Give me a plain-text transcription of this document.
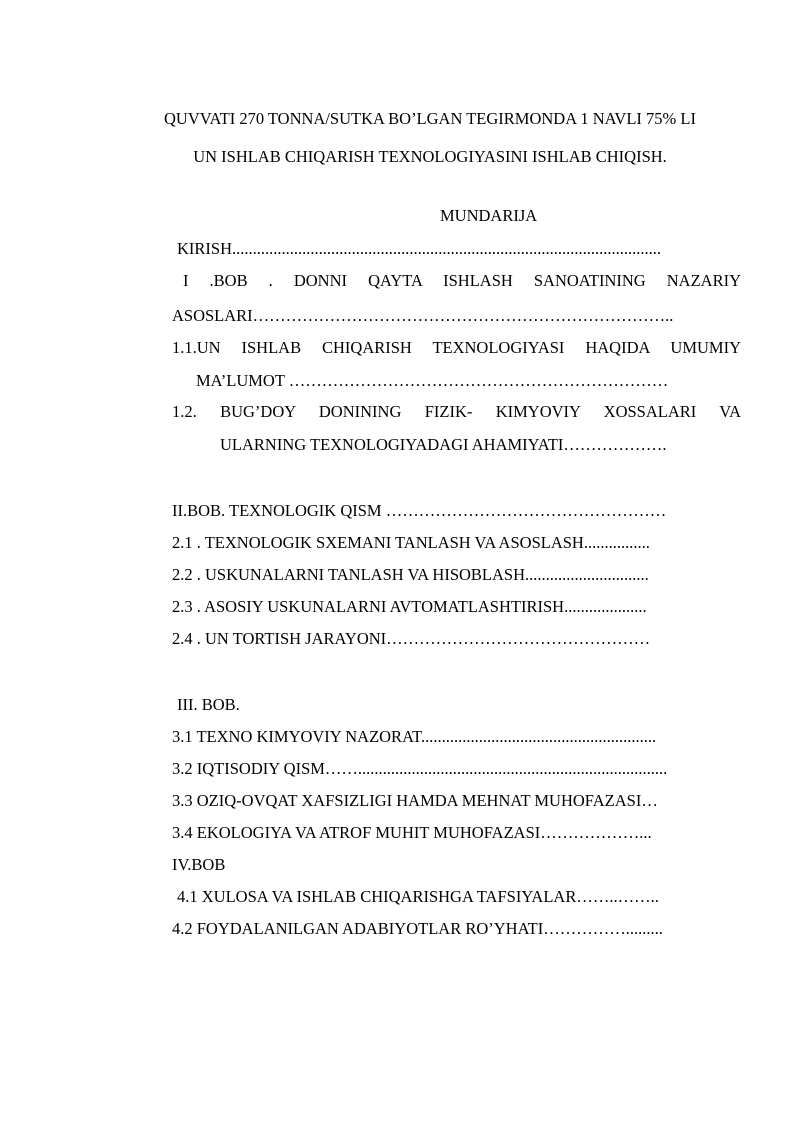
QUVVATI 270 TONNA/SUTKA BO’LGAN TEGIRMONDA 1 NAVLI 75% LI
UN ISHLAB CHIQARISH TEXNOLOGIYASINI ISHLAB CHIQISH.
MUNDARIJA
KIRISH........................................................................................................
I .BOB . DONNI QAYTA ISHLASH SANOATINING NAZARIY
ASOSLARI…………………………………………………………………..
1.1.UN ISHLAB CHIQARISH TEXNOLOGIYASI HAQIDA UMUMIY
MA’LUMOT ……………………………………………………………
1.2. BUG’DOY DONINING FIZIK- KIMYOVIY XOSSALARI VA
ULARNING TEXNOLOGIYADAGI AHAMIYATI……………….
II.BOB. TEXNOLOGIK QISM ……………………………………………
2.1 . TEXNOLOGIK SXEMANI TANLASH VA ASOSLASH................
2.2 . USKUNALARNI TANLASH VA HISOBLASH..............................
2.3 . ASOSIY USKUNALARNI AVTOMATLASHTIRISH....................
2.4 . UN TORTISH JARAYONI…………………………………………
III. BOB.
3.1 TEXNO KIMYOVIY NAZORAT.........................................................
3.2 IQTISODIY QISM……...........................................................................
3.3 OZIQ-OVQAT XAFSIZLIGI HAMDA MEHNAT MUHOFAZASI…
3.4 EKOLOGIYA VA ATROF MUHIT MUHOFAZASI………………...
IV.BOB
4.1 XULOSA VA ISHLAB CHIQARISHGA TAFSIYALAR……..……..
4.2 FOYDALANILGAN ADABIYOTLAR RO’YHATI…………….........
